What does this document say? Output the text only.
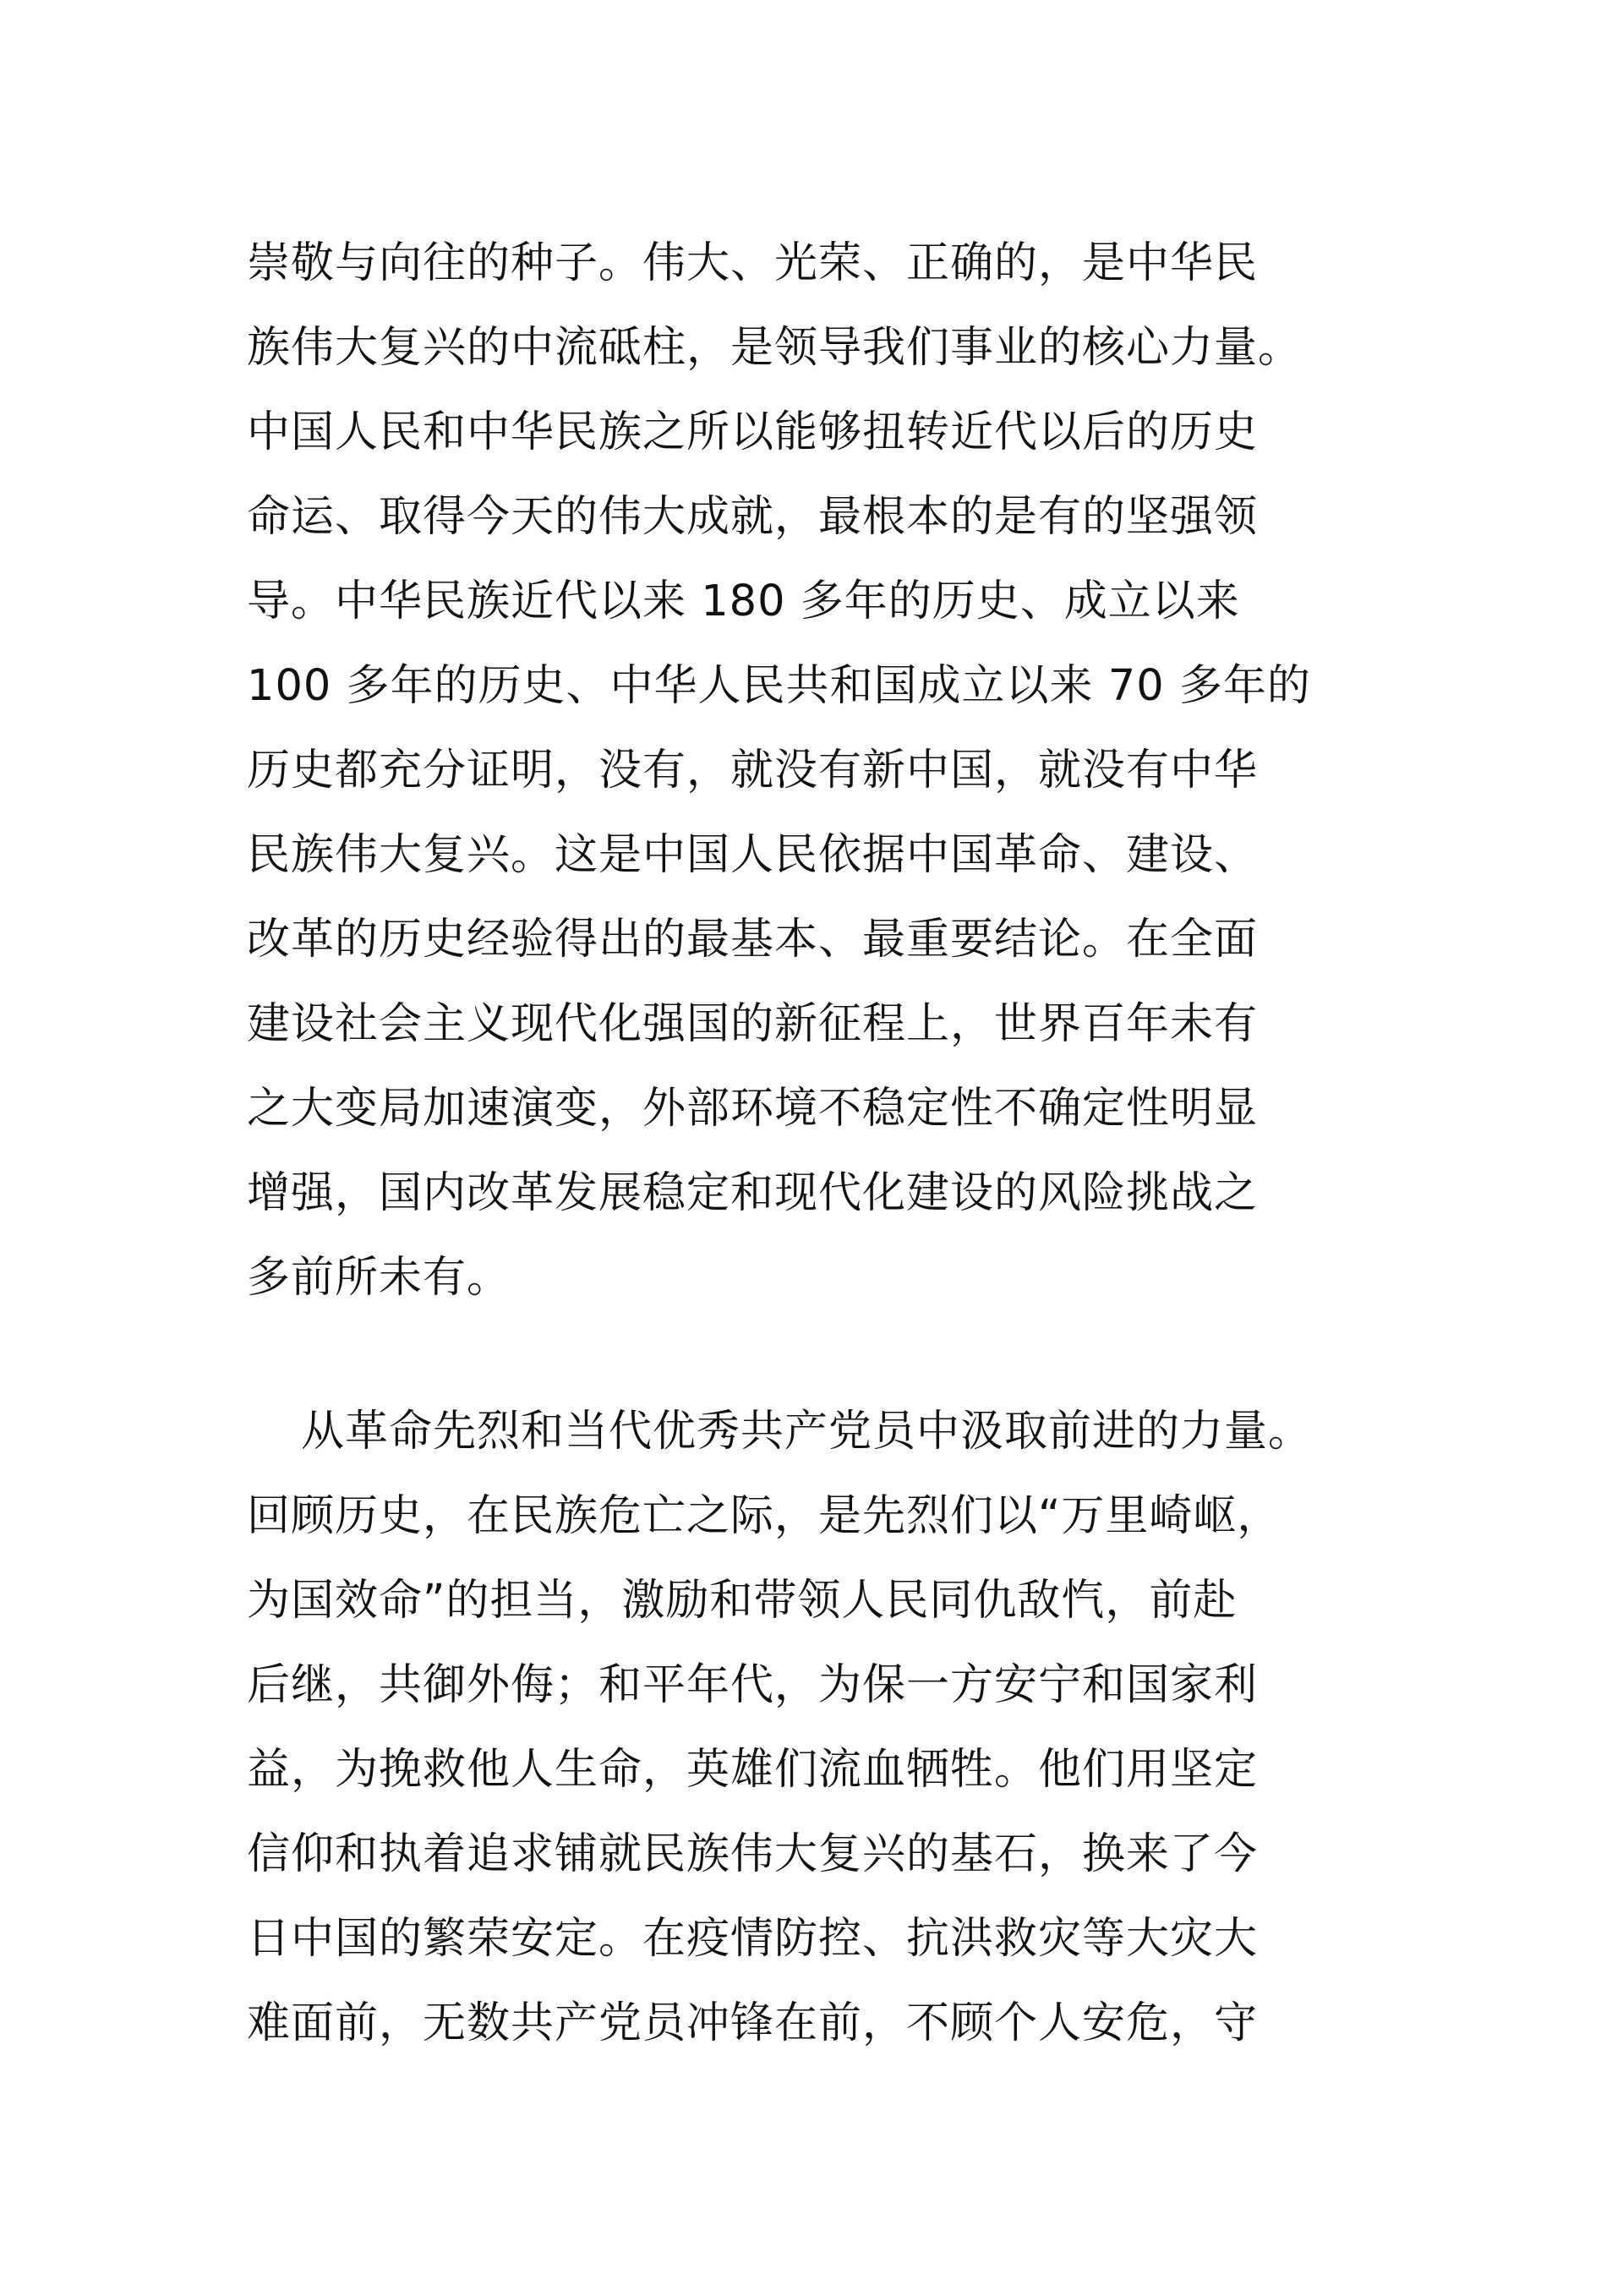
崇敬与向往的种子。伟大、光荣、正确的，是中华民
族伟大复兴的中流砥柱，是领导我们事业的核心力量。
中国人民和中华民族之所以能够扭转近代以后的历史
命运、取得今天的伟大成就，最根本的是有的坚强领
导。中华民族近代以来 180 多年的历史、成立以来
100 多年的历史、中华人民共和国成立以来 70 多年的
历史都充分证明，没有，就没有新中国，就没有中华
民族伟大复兴。这是中国人民依据中国革命、建设、
改革的历史经验得出的最基本、最重要结论。在全面
建设社会主义现代化强国的新征程上，世界百年未有
之大变局加速演变，外部环境不稳定性不确定性明显
增强，国内改革发展稳定和现代化建设的风险挑战之
多前所未有。
从革命先烈和当代优秀共产党员中汲取前进的力量。
回顾历史，在民族危亡之际，是先烈们以“万里崎岖，
为国效命”的担当，激励和带领人民同仇敌忾，前赴
后继，共御外侮；和平年代，为保一方安宁和国家利
益，为挽救他人生命，英雄们流血牺牲。他们用坚定
信仰和执着追求铺就民族伟大复兴的基石，换来了今
日中国的繁荣安定。在疫情防控、抗洪救灾等大灾大
难面前，无数共产党员冲锋在前，不顾个人安危，守
